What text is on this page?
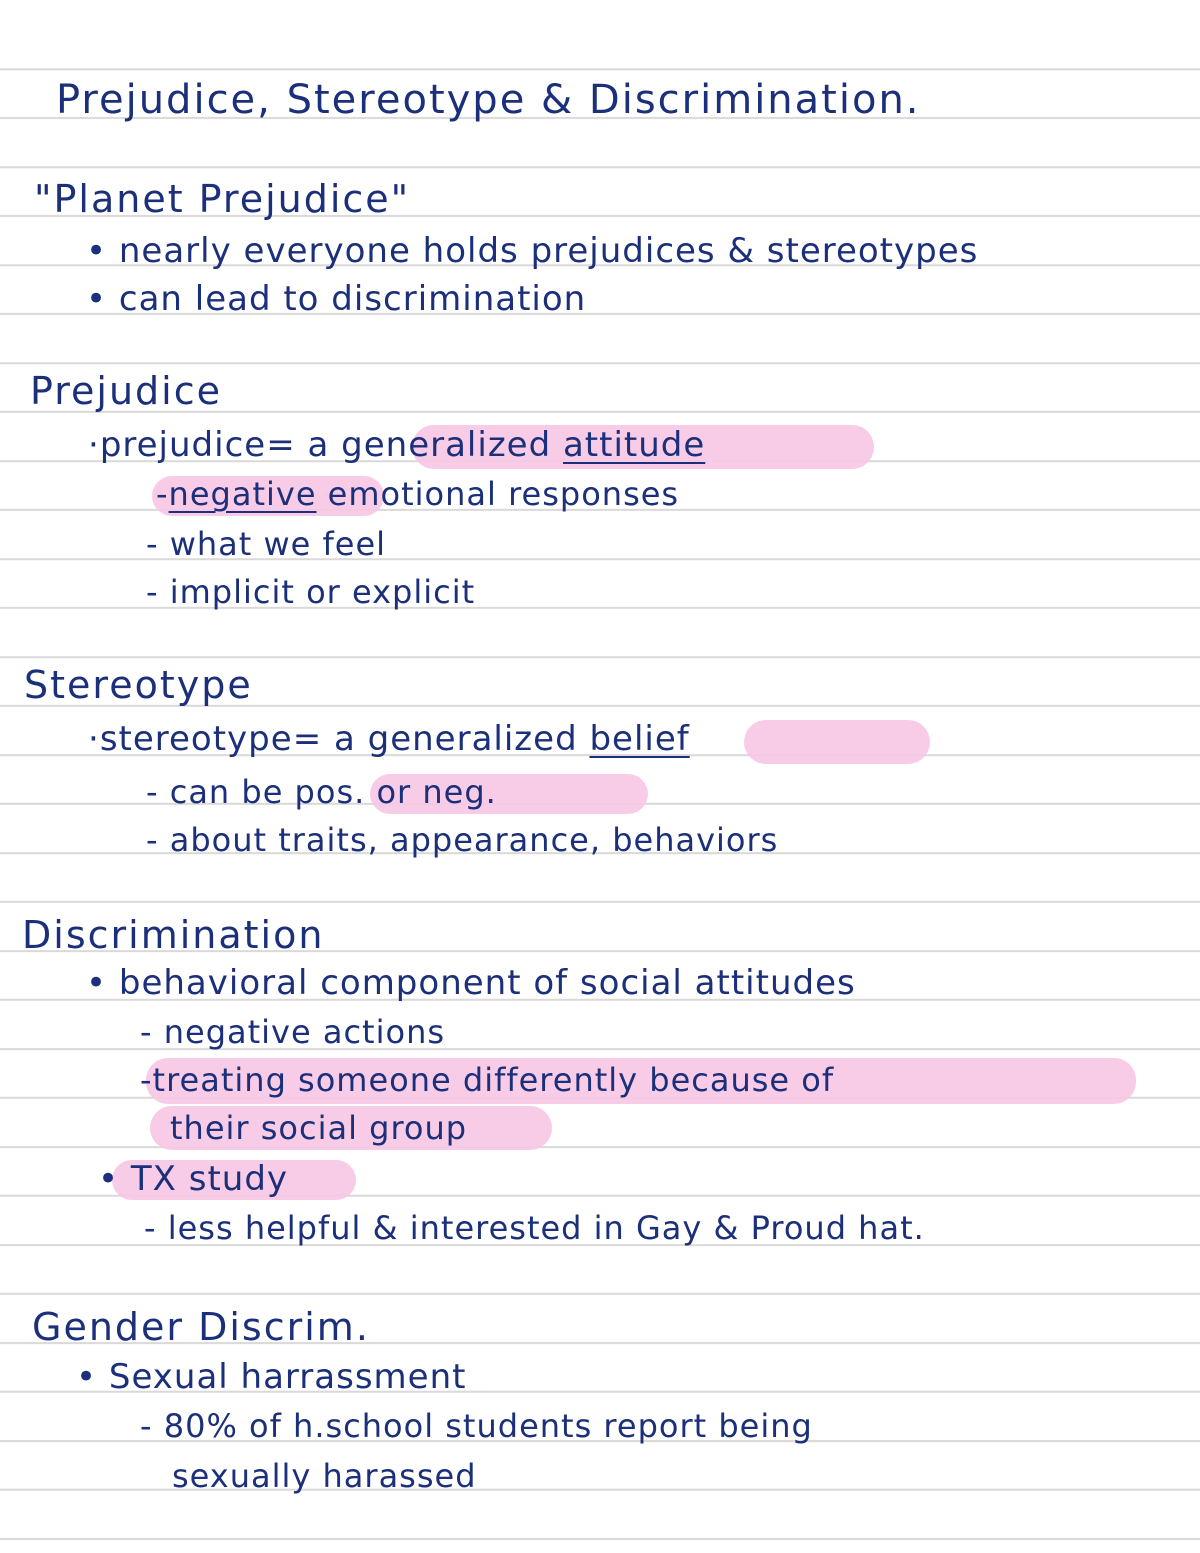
Prejudice, Stereotype & Discrimination.
"Planet Prejudice"
• nearly everyone holds prejudices & stereotypes
• can lead to discrimination
Prejudice
·prejudice= a generalized attitude
-negative emotional responses
- what we feel
- implicit or explicit
Stereotype
·stereotype= a generalized belief
- can be pos. or neg.
- about traits, appearance, behaviors
Discrimination
• behavioral component of social attitudes
- negative actions
-treating someone differently because of
their social group
• TX study
- less helpful & interested in Gay & Proud hat.
Gender Discrim.
• Sexual harrassment
- 80% of h.school students report being
sexually harassed
